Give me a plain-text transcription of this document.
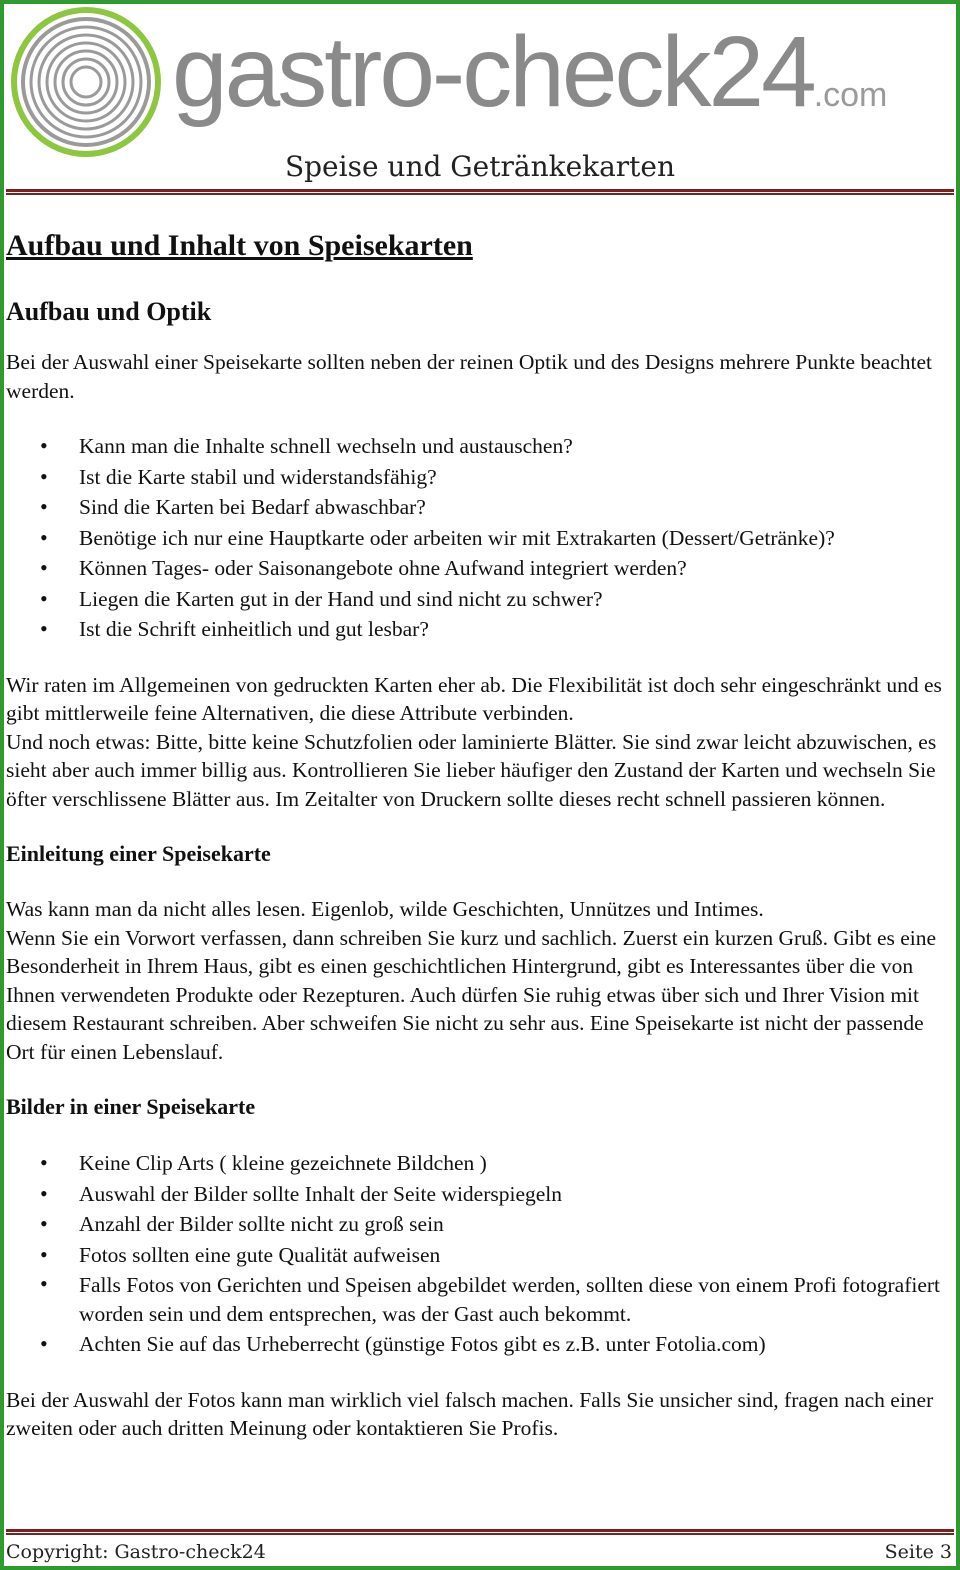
gastro-check24.com
Speise und Getränkekarten
Aufbau und Inhalt von Speisekarten
Aufbau und Optik

Bei der Auswahl einer Speisekarte sollten neben der reinen Optik und des Designs mehrere Punkte beachtet werden.

• Kann man die Inhalte schnell wechseln und austauschen?
• Ist die Karte stabil und widerstandsfähig?
• Sind die Karten bei Bedarf abwaschbar?
• Benötige ich nur eine Hauptkarte oder arbeiten wir mit Extrakarten (Dessert/Getränke)?
• Können Tages- oder Saisonangebote ohne Aufwand integriert werden?
• Liegen die Karten gut in der Hand und sind nicht zu schwer?
• Ist die Schrift einheitlich und gut lesbar?

Wir raten im Allgemeinen von gedruckten Karten eher ab. Die Flexibilität ist doch sehr eingeschränkt und es gibt mittlerweile feine Alternativen, die diese Attribute verbinden.

Und noch etwas: Bitte, bitte keine Schutzfolien oder laminierte Blätter. Sie sind zwar leicht abzuwischen, es sieht aber auch immer billig aus. Kontrollieren Sie lieber häufiger den Zustand der Karten und wechseln Sie öfter verschlissene Blätter aus. Im Zeitalter von Druckern sollte dieses recht schnell passieren können.

Einleitung einer Speisekarte

Was kann man da nicht alles lesen. Eigenlob, wilde Geschichten, Unnützes und Intimes.

Wenn Sie ein Vorwort verfassen, dann schreiben Sie kurz und sachlich. Zuerst ein kurzen Gruß. Gibt es eine Besonderheit in Ihrem Haus, gibt es einen geschichtlichen Hintergrund, gibt es Interessantes über die von Ihnen verwendeten Produkte oder Rezepturen. Auch dürfen Sie ruhig etwas über sich und Ihrer Vision mit diesem Restaurant schreiben. Aber schweifen Sie nicht zu sehr aus. Eine Speisekarte ist nicht der passende Ort für einen Lebenslauf.

Bilder in einer Speisekarte
• Keine Clip Arts ( kleine gezeichnete Bildchen )
• Auswahl der Bilder sollte Inhalt der Seite widerspiegeln
• Anzahl der Bilder sollte nicht zu groß sein
• Fotos sollten eine gute Qualität aufweisen
• Falls Fotos von Gerichten und Speisen abgebildet werden, sollten diese von einem Profi fotografiert worden sein und dem entsprechen, was der Gast auch bekommt.
• Achten Sie auf das Urheberrecht (günstige Fotos gibt es z.B. unter Fotolia.com)

Bei der Auswahl der Fotos kann man wirklich viel falsch machen. Falls Sie unsicher sind, fragen nach einer zweiten oder auch dritten Meinung oder kontaktieren Sie Profis.

Copyright: Gastro-check24	Seite 3
